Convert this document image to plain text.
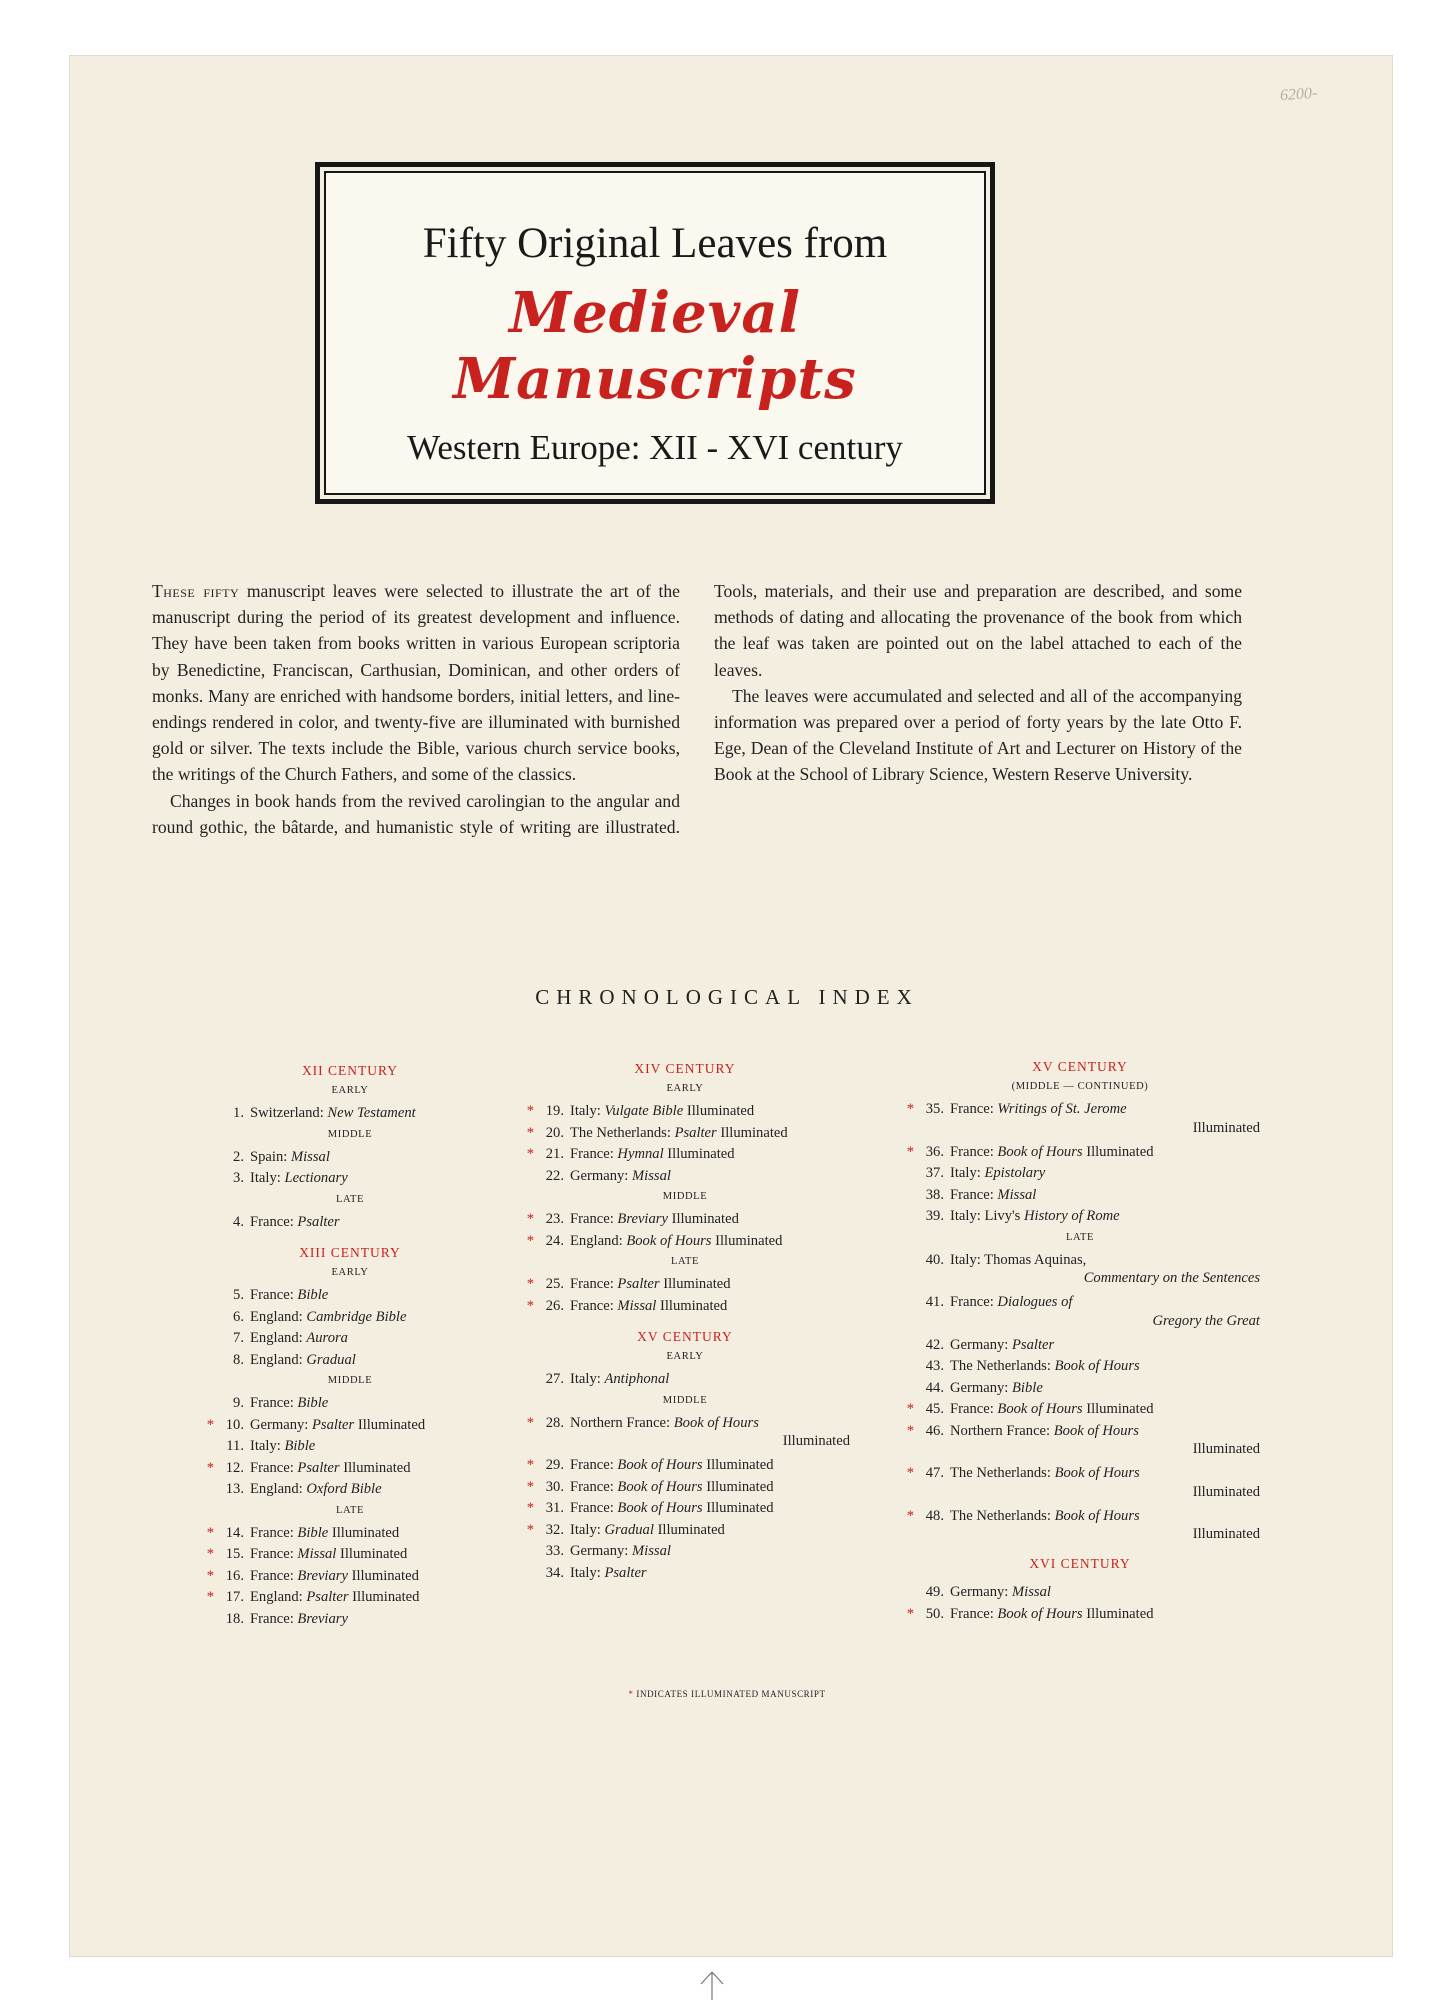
6200-
Fifty Original Leaves from
Medieval Manuscripts
Western Europe: XII - XVI century

These fifty manuscript leaves were selected to illustrate the art of the manuscript during the period of its greatest development and influence. They have been taken from books written in various European scriptoria by Benedictine, Franciscan, Carthusian, Dominican, and other orders of monks. Many are enriched with handsome borders, initial letters, and line-endings rendered in color, and twenty-five are illuminated with burnished gold or silver. The texts include the Bible, various church service books, the writings of the Church Fathers, and some of the classics.

Changes in book hands from the revived carolingian to the angular and round gothic, the bâtarde, and humanistic style of writing are illustrated. Tools, materials, and their use and preparation are described, and some methods of dating and allocating the provenance of the book from which the leaf was taken are pointed out on the label attached to each of the leaves.

The leaves were accumulated and selected and all of the accompanying information was prepared over a period of forty years by the late Otto F. Ege, Dean of the Cleveland Institute of Art and Lecturer on History of the Book at the School of Library Science, Western Reserve University.

CHRONOLOGICAL INDEX
XII CENTURY
EARLY
1. Switzerland: New Testament
MIDDLE
2. Spain: Missal
3. Italy: Lectionary
LATE
4. France: Psalter
XIII CENTURY
EARLY
5. France: Bible
6. England: Cambridge Bible
7. England: Aurora
8. England: Gradual
MIDDLE
9. France: Bible
* 10. Germany: Psalter Illuminated
11. Italy: Bible
* 12. France: Psalter Illuminated
13. England: Oxford Bible
LATE
* 14. France: Bible Illuminated
* 15. France: Missal Illuminated
* 16. France: Breviary Illuminated
* 17. England: Psalter Illuminated
18. France: Breviary
XIV CENTURY
EARLY
* 19. Italy: Vulgate Bible Illuminated
* 20. The Netherlands: Psalter Illuminated
* 21. France: Hymnal Illuminated
22. Germany: Missal
MIDDLE
* 23. France: Breviary Illuminated
* 24. England: Book of Hours Illuminated
LATE
* 25. France: Psalter Illuminated
* 26. France: Missal Illuminated
XV CENTURY
EARLY
27. Italy: Antiphonal
MIDDLE
* 28. Northern France: Book of Hours
Illuminated
* 29. France: Book of Hours Illuminated
* 30. France: Book of Hours Illuminated
* 31. France: Book of Hours Illuminated
* 32. Italy: Gradual Illuminated
33. Germany: Missal
34. Italy: Psalter
XV CENTURY
(MIDDLE — CONTINUED)
* 35. France: Writings of St. Jerome
Illuminated
* 36. France: Book of Hours Illuminated
37. Italy: Epistolary
38. France: Missal
39. Italy: Livy's History of Rome
LATE
40. Italy: Thomas Aquinas,
Commentary on the Sentences
41. France: Dialogues of
Gregory the Great
42. Germany: Psalter
43. The Netherlands: Book of Hours
44. Germany: Bible
* 45. France: Book of Hours Illuminated
* 46. Northern France: Book of Hours
Illuminated
* 47. The Netherlands: Book of Hours
Illuminated
* 48. The Netherlands: Book of Hours
Illuminated
XVI CENTURY
49. Germany: Missal
* 50. France: Book of Hours Illuminated
* INDICATES ILLUMINATED MANUSCRIPT
